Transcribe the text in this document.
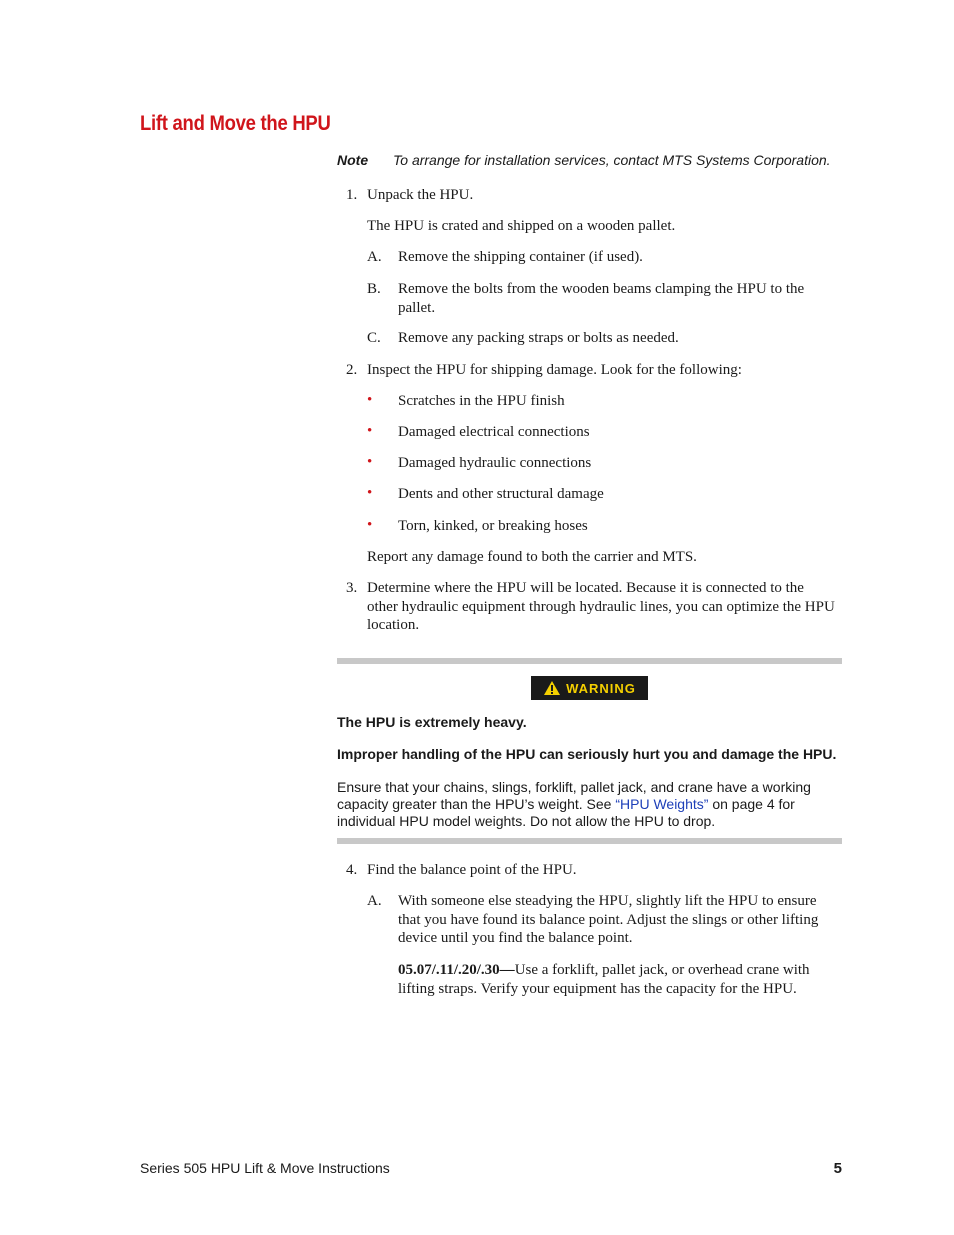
Lift and Move the HPU
Note To arrange for installation services, contact MTS Systems Corporation.
1. Unpack the HPU.
The HPU is crated and shipped on a wooden pallet.
A. Remove the shipping container (if used).
B. Remove the bolts from the wooden beams clamping the HPU to the pallet.
C. Remove any packing straps or bolts as needed.
2. Inspect the HPU for shipping damage. Look for the following:
• Scratches in the HPU finish
• Damaged electrical connections
• Damaged hydraulic connections
• Dents and other structural damage
• Torn, kinked, or breaking hoses
Report any damage found to both the carrier and MTS.
3. Determine where the HPU will be located. Because it is connected to the other hydraulic equipment through hydraulic lines, you can optimize the HPU location.
WARNING
The HPU is extremely heavy.
Improper handling of the HPU can seriously hurt you and damage the HPU.
Ensure that your chains, slings, forklift, pallet jack, and crane have a working capacity greater than the HPU’s weight. See “HPU Weights” on page 4 for individual HPU model weights. Do not allow the HPU to drop.
4. Find the balance point of the HPU.
A. With someone else steadying the HPU, slightly lift the HPU to ensure that you have found its balance point. Adjust the slings or other lifting device until you find the balance point.
05.07/.11/.20/.30—Use a forklift, pallet jack, or overhead crane with lifting straps. Verify your equipment has the capacity for the HPU.
Series 505 HPU Lift & Move Instructions	5
